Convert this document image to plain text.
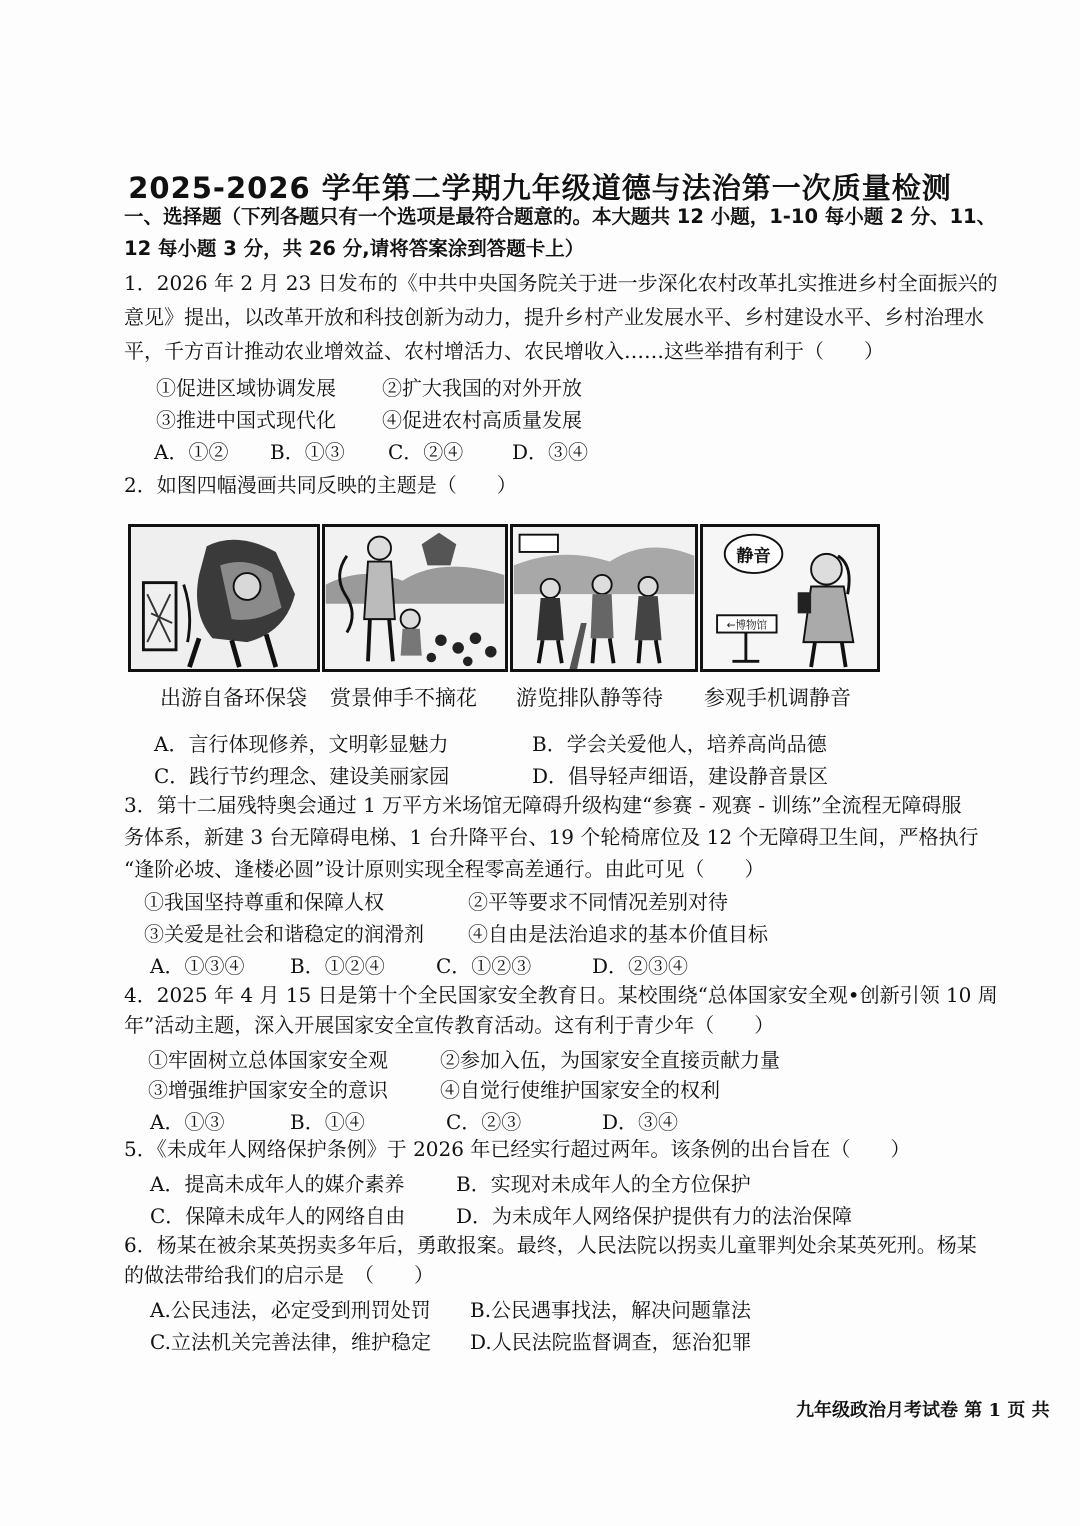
2025-2026 学年第二学期九年级道德与法治第一次质量检测
一、选择题（下列各题只有一个选项是最符合题意的。本大题共 12 小题，1-10 每小题 2 分、11、
12 每小题 3 分，共 26 分,请将答案涂到答题卡上）
1．2026 年 2 月 23 日发布的《中共中央国务院关于进一步深化农村改革扎实推进乡村全面振兴的
意见》提出，以改革开放和科技创新为动力，提升乡村产业发展水平、乡村建设水平、乡村治理水
平，千方百计推动农业增效益、农村增活力、农民增收入……这些举措有利于（　　）
①促进区域协调发展 ②扩大我国的对外开放
③推进中国式现代化 ④促进农村高质量发展
A．①② B．①③ C．②④ D．③④
2．如图四幅漫画共同反映的主题是（　　）
静音
←博物馆
出游自备环保袋 赏景伸手不摘花 游览排队静等待 参观手机调静音
A．言行体现修养，文明彰显魅力	B．学会关爱他人，培养高尚品德
C．践行节约理念、建设美丽家园	D．倡导轻声细语，建设静音景区
3．第十二届残特奥会通过 1 万平方米场馆无障碍升级构建“参赛 - 观赛 - 训练”全流程无障碍服
务体系，新建 3 台无障碍电梯、1 台升降平台、19 个轮椅席位及 12 个无障碍卫生间，严格执行
“逢阶必坡、逢楼必圆”设计原则实现全程零高差通行。由此可见（　　）
①我国坚持尊重和保障人权	②平等要求不同情况差别对待
③关爱是社会和谐稳定的润滑剂 ④自由是法治追求的基本价值目标
A．①③④ B．①②④	C．①②③	D．②③④
4．2025 年 4 月 15 日是第十个全民国家安全教育日。某校围绕“总体国家安全观•创新引领 10 周
年”活动主题，深入开展国家安全宣传教育活动。这有利于青少年（　　）
①牢固树立总体国家安全观	②参加入伍，为国家安全直接贡献力量
③增强维护国家安全的意识	④自觉行使维护国家安全的权利
A．①③	B．①④	C．②③	D．③④
5．《未成年人网络保护条例》于 2026 年已经实行超过两年。该条例的出台旨在（　　）
A．提高未成年人的媒介素养	B．实现对未成年人的全方位保护
C．保障未成年人的网络自由	D．为未成年人网络保护提供有力的法治保障
6．杨某在被余某英拐卖多年后，勇敢报案。最终，人民法院以拐卖儿童罪判处余某英死刑。杨某
的做法带给我们的启示是　（　　）
A.公民违法，必定受到刑罚处罚 B.公民遇事找法，解决问题靠法
C.立法机关完善法律，维护稳定 D.人民法院监督调查，惩治犯罪
九年级政治月考试卷 第 1 页 共
